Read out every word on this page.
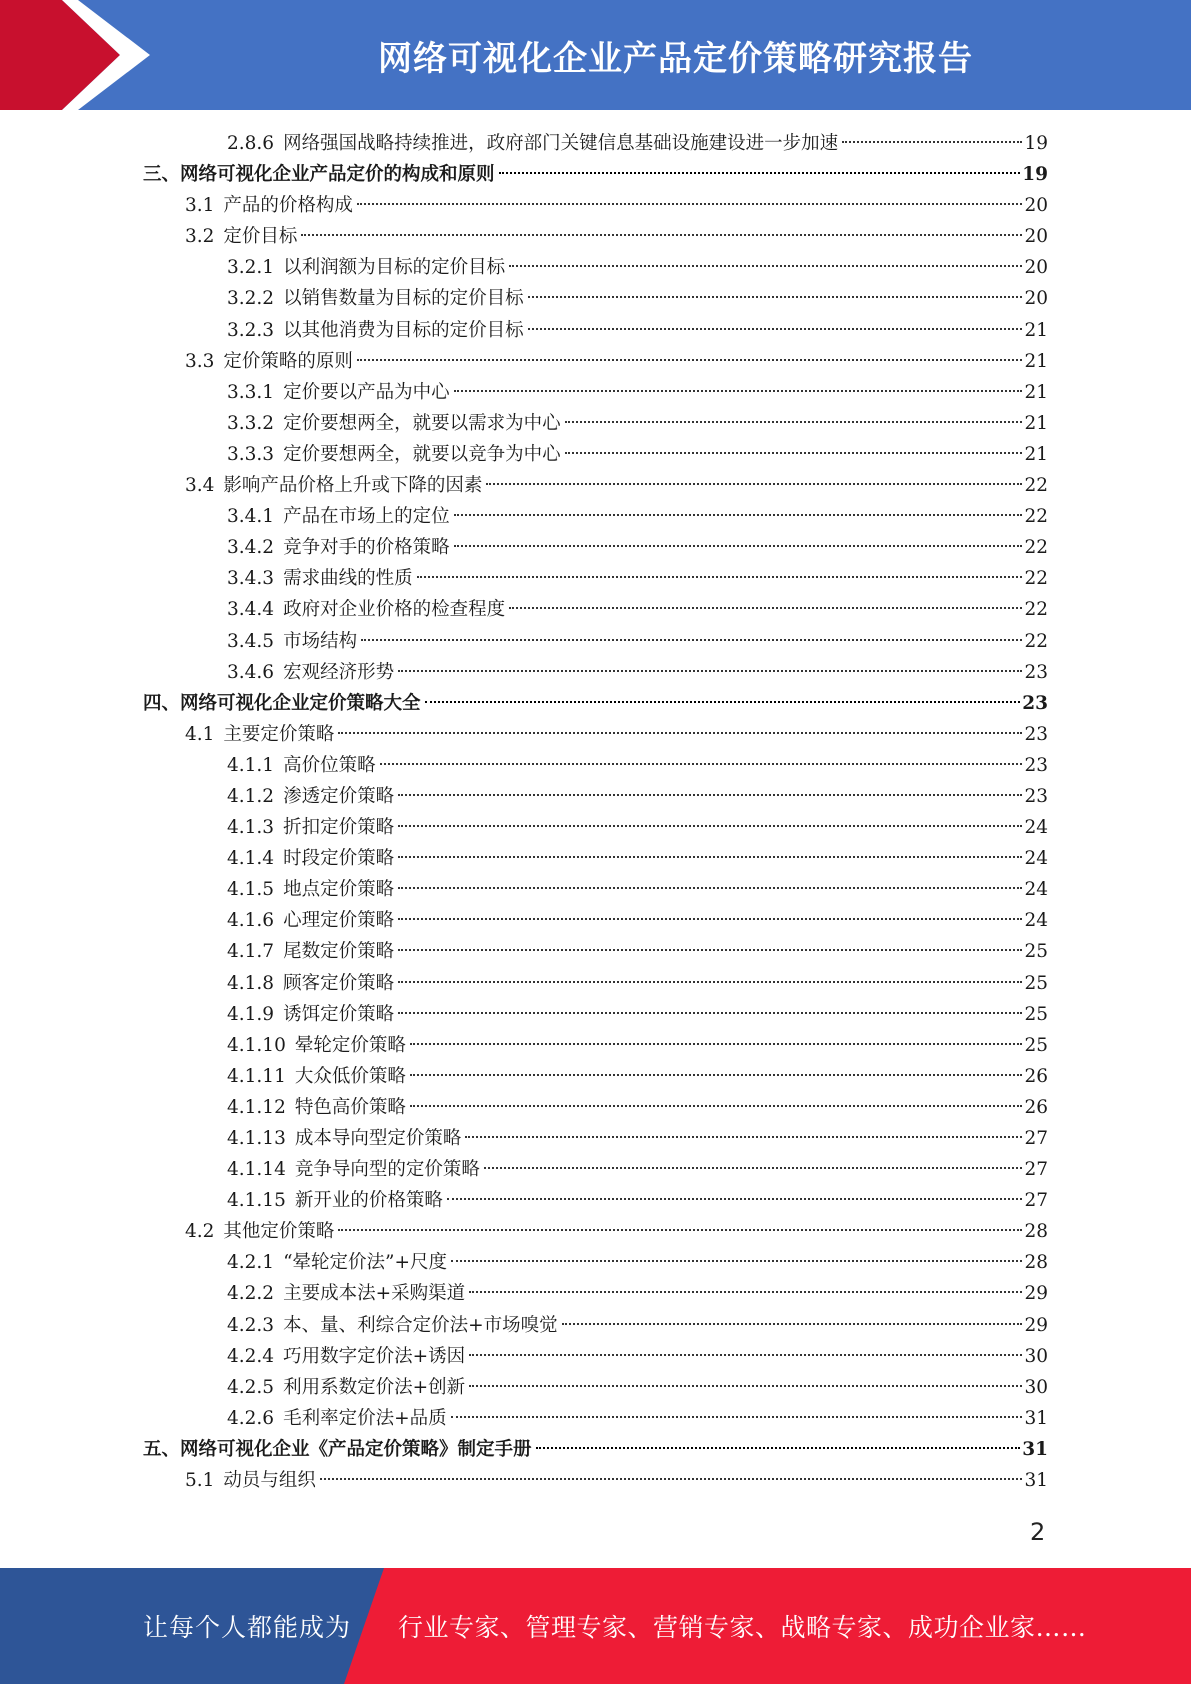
网络可视化企业产品定价策略研究报告
2.8.6 网络强国战略持续推进，政府部门关键信息基础设施建设进一步加速	19
三、网络可视化企业产品定价的构成和原则	19
3.1 产品的价格构成	20
3.2 定价目标	20
3.2.1 以利润额为目标的定价目标	20
3.2.2 以销售数量为目标的定价目标	20
3.2.3 以其他消费为目标的定价目标	21
3.3 定价策略的原则	21
3.3.1 定价要以产品为中心	21
3.3.2 定价要想两全，就要以需求为中心	21
3.3.3 定价要想两全，就要以竞争为中心	21
3.4 影响产品价格上升或下降的因素	22
3.4.1 产品在市场上的定位	22
3.4.2 竞争对手的价格策略	22
3.4.3 需求曲线的性质	22
3.4.4 政府对企业价格的检查程度	22
3.4.5 市场结构	22
3.4.6 宏观经济形势	23
四、网络可视化企业定价策略大全	23
4.1 主要定价策略	23
4.1.1 高价位策略	23
4.1.2 渗透定价策略	23
4.1.3 折扣定价策略	24
4.1.4 时段定价策略	24
4.1.5 地点定价策略	24
4.1.6 心理定价策略	24
4.1.7 尾数定价策略	25
4.1.8 顾客定价策略	25
4.1.9 诱饵定价策略	25
4.1.10 晕轮定价策略	25
4.1.11 大众低价策略	26
4.1.12 特色高价策略	26
4.1.13 成本导向型定价策略	27
4.1.14 竞争导向型的定价策略	27
4.1.15 新开业的价格策略	27
4.2 其他定价策略	28
4.2.1 “晕轮定价法”+尺度	28
4.2.2 主要成本法+采购渠道	29
4.2.3 本、量、利综合定价法+市场嗅觉	29
4.2.4 巧用数字定价法+诱因	30
4.2.5 利用系数定价法+创新	30
4.2.6 毛利率定价法+品质	31
五、网络可视化企业《产品定价策略》制定手册	31
5.1 动员与组织	31
2
让每个人都能成为 行业专家、管理专家、营销专家、战略专家、成功企业家……
